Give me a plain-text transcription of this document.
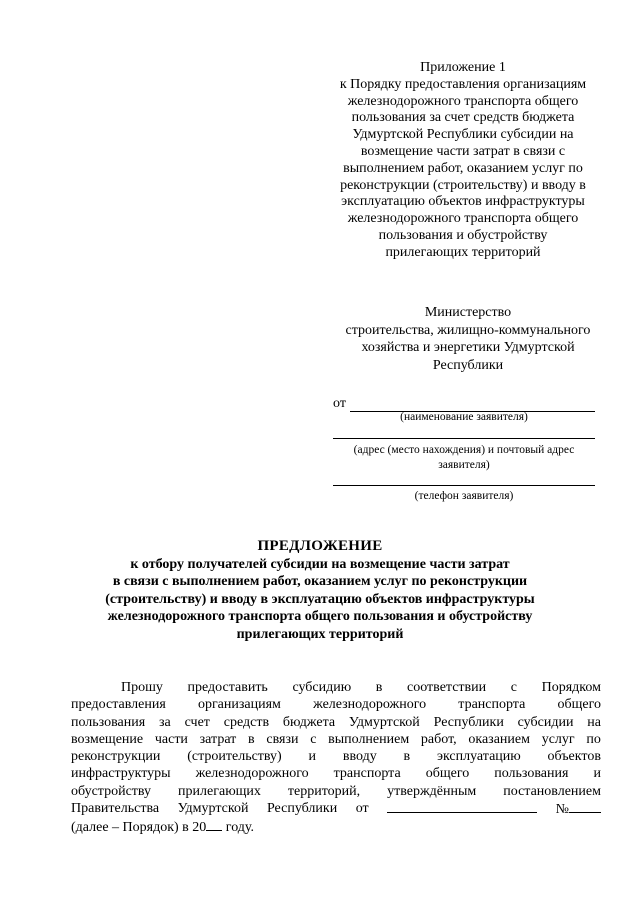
Приложение 1
к Порядку предоставления организациям
железнодорожного транспорта общего
пользования за счет средств бюджета
Удмуртской Республики субсидии на
возмещение части затрат в связи с
выполнением работ, оказанием услуг по
реконструкции (строительству) и вводу в
эксплуатацию объектов инфраструктуры
железнодорожного транспорта общего
пользования и обустройству
прилегающих территорий
Министерство
строительства, жилищно-коммунального
хозяйства и энергетики Удмуртской
Республики
от
(наименование заявителя)
(адрес (место нахождения) и почтовый адрес
заявителя)
(телефон заявителя)
ПРЕДЛОЖЕНИЕ
к отбору получателей субсидии на возмещение части затрат
в связи с выполнением работ, оказанием услуг по реконструкции
(строительству) и вводу в эксплуатацию объектов инфраструктуры
железнодорожного транспорта общего пользования и обустройству
прилегающих территорий
Прошу предоставить субсидию в соответствии с Порядком
предоставления организациям железнодорожного транспорта общего
пользования за счет средств бюджета Удмуртской Республики субсидии на
возмещение части затрат в связи с выполнением работ, оказанием услуг по
реконструкции (строительству) и вводу в эксплуатацию объектов
инфраструктуры железнодорожного транспорта общего пользования и
обустройству прилегающих территорий, утверждённым постановлением
Правительства Удмуртской Республики от	№
(далее – Порядок) в 20 году.
